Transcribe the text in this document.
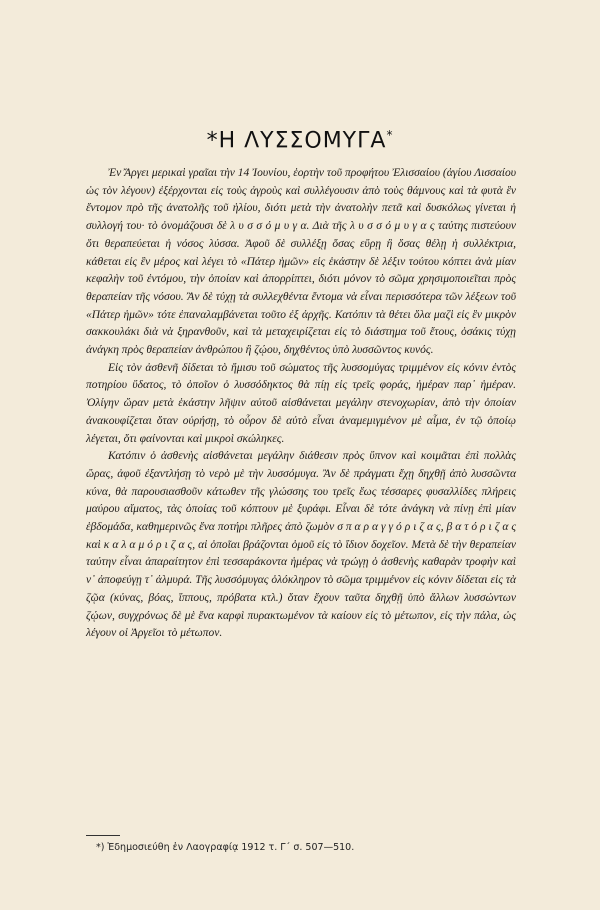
*Η ΛΥΣΣΟΜΥΓΑ*

Ἐν Ἄργει μερικαὶ γραῖαι τὴν 14 Ἰουνίου, ἑορτὴν τοῦ προφήτου Ἐλισσαίου (ἁγίου Λισσαίου ὡς τὸν λέγουν) ἐξέρχονται εἰς τοὺς ἀγροὺς καὶ συλλέγουσιν ἀπὸ τοὺς θάμνους καὶ τὰ φυτὰ ἓν ἔντομον πρὸ τῆς ἀνατολῆς τοῦ ἡλίου, διότι μετὰ τὴν ἀνατολὴν πετᾶ καὶ δυσκόλως γίνεται ἡ συλλογή του· τὸ ὀνομάζουσι δὲ λ υ σ σ ό μ υ γ α. Διὰ τῆς λ υ σ σ ό μ υ γ α ς ταύτης πιστεύουν ὅτι θεραπεύεται ἡ νόσος λύσσα. Ἀφοῦ δὲ συλλέξῃ ὅσας εὕρῃ ἢ ὅσας θέλῃ ἡ συλλέκτρια, κάθεται εἰς ἓν μέρος καὶ λέγει τὸ «Πάτερ ἡμῶν» εἰς ἑκάστην δὲ λέξιν τούτου κόπτει ἀνὰ μίαν κεφαλὴν τοῦ ἐντόμου, τὴν ὁποίαν καὶ ἀπορρίπτει, διότι μόνον τὸ σῶμα χρησιμοποιεῖται πρὸς θεραπείαν τῆς νόσου. Ἂν δὲ τύχῃ τὰ συλλεχθέντα ἔντομα νὰ εἶναι περισσότερα τῶν λέξεων τοῦ «Πάτερ ἡμῶν» τότε ἐπαναλαμβάνεται τοῦτο ἐξ ἀρχῆς. Κατόπιν τὰ θέτει ὅλα μαζὶ εἰς ἓν μικρὸν σακκουλάκι διὰ νὰ ξηρανθοῦν, καὶ τὰ μεταχειρίζεται εἰς τὸ διάστημα τοῦ ἔτους, ὁσάκις τύχῃ ἀνάγκη πρὸς θεραπείαν ἀνθρώπου ἢ ζῴου, δηχθέντος ὑπὸ λυσσῶντος κυνός.

Εἰς τὸν ἀσθενῆ δίδεται τὸ ἥμισυ τοῦ σώματος τῆς λυσσομύγας τριμμένον εἰς κόνιν ἐντὸς ποτηρίου ὕδατος, τὸ ὁποῖον ὁ λυσσόδηκτος θὰ πίῃ εἰς τρεῖς φοράς, ἡμέραν παρ᾽ ἡμέραν. Ὀλίγην ὥραν μετὰ ἑκάστην λῆψιν αὐτοῦ αἰσθάνεται μεγάλην στενοχωρίαν, ἀπὸ τὴν ὁποίαν ἀνακουφίζεται ὅταν οὐρήσῃ, τὸ οὖρον δὲ αὐτὸ εἶναι ἀναμεμιγμένον μὲ αἷμα, ἐν τῷ ὁποίῳ λέγεται, ὅτι φαίνονται καὶ μικροὶ σκώληκες.

Κατόπιν ὁ ἀσθενὴς αἰσθάνεται μεγάλην διάθεσιν πρὸς ὕπνον καὶ κοιμᾶται ἐπὶ πολλὰς ὥρας, ἀφοῦ ἐξαντλήσῃ τὸ νερὸ μὲ τὴν λυσσόμυγα. Ἂν δὲ πράγματι ἔχῃ δηχθῇ ἀπὸ λυσσῶντα κύνα, θὰ παρουσιασθοῦν κάτωθεν τῆς γλώσσης του τρεῖς ἕως τέσσαρες φυσαλλίδες πλήρεις μαύρου αἵματος, τὰς ὁποίας τοῦ κόπτουν μὲ ξυράφι. Εἶναι δὲ τότε ἀνάγκη νὰ πίνῃ ἐπὶ μίαν ἑβδομάδα, καθημερινῶς ἕνα ποτήρι πλῆρες ἀπὸ ζωμὸν σ π α ρ α γ γ ό ρ ι ζ α ς, β α τ ό ρ ι ζ α ς καὶ κ α λ α μ ό ρ ι ζ α ς, αἱ ὁποῖαι βράζονται ὁμοῦ εἰς τὸ ἴδιον δοχεῖον. Μετὰ δὲ τὴν θεραπείαν ταύτην εἶναι ἀπαραίτητον ἐπὶ τεσσαράκοντα ἡμέρας νὰ τρώγῃ ὁ ἀσθενὴς καθαρὰν τροφὴν καὶ ν᾽ ἀποφεύγῃ τ᾽ ἀλμυρά. Τῆς λυσσόμυγας ὁλόκληρον τὸ σῶμα τριμμένον εἰς κόνιν δίδεται εἰς τὰ ζῷα (κύνας, βόας, ἵππους, πρόβατα κτλ.) ὅταν ἔχουν ταῦτα δηχθῇ ὑπὸ ἄλλων λυσσώντων ζῴων, συγχρόνως δὲ μὲ ἕνα καρφὶ πυρακτωμένον τὰ καίουν εἰς τὸ μέτωπον, εἰς τὴν πάλα, ὡς λέγουν οἱ Ἀργεῖοι τὸ μέτωπον.

*) Ἐδημοσιεύθη ἐν Λαογραφίᾳ 1912 τ. Γ΄ σ. 507—510.
